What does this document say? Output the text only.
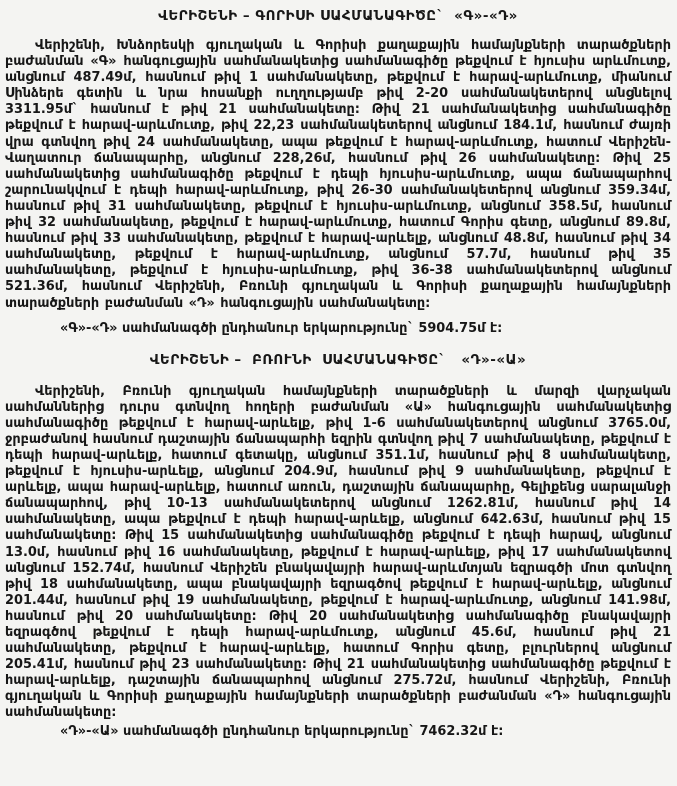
ՎԵՐԻՇԵՆԻ – ԳՈՐԻՍԻ ՍԱՀՄԱՆԱԳԻԾԸ`  «Գ»-«Դ»

Վերիշենի, Խնձորեսկի գյուղական և Գորիսի քաղաքային համայնքների տարածքների բաժանման «Գ» հանգուցային սահմանակետից սահմանագիծը թեքվում է հյուսիս արևմուտք, անցնում 487.49մ, հասնում թիվ 1 սահմանակետը, թեքվում է հարավ-արևմուտք, միանում Սինձերե գետին և նրա հոսանքի ուղղությամբ թիվ 2-20 սահմանակետերով անցնելով 3311.95մ` հասնում է թիվ 21 սահմանակետը: Թիվ 21 սահմանակետից սահմանագիծը թեքվում է հարավ-արևմուտք, թիվ 22,23 սահմանակետերով անցնում 184.1մ, հասնում ժայռի վրա գտնվող թիվ 24 սահմանակետը, ապա թեքվում է հարավ-արևմուտք, հատում Վերիշեն-Վաղատուր ճանապարհը, անցնում 228,26մ, հասնում թիվ 26 սահմանակետը: Թիվ 25 սահմանակետից սահմանագիծը թեքվում է դեպի հյուսիս-արևմուտք, ապա ճանապարհով շարունակվում է դեպի հարավ-արևմուտք, թիվ 26-30 սահմանակետերով անցնում 359.34մ, հասնում թիվ 31 սահմանակետը, թեքվում է հյուսիս-արևմուտք, անցնում 358.5մ, հասնում թիվ 32 սահմանակետը, թեքվում է հարավ-արևմուտք, հատում Գորիս գետը, անցնում 89.8մ, հասնում թիվ 33 սահմանակետը, թեքվում է հարավ-արևելք, անցնում 48.8մ, հասնում թիվ 34 սահմանակետը, թեքվում է հարավ-արևմուտք, անցնում 57.7մ, հասնում թիվ 35 սահմանակետը, թեքվում է հյուսիս-արևմուտք, թիվ 36-38 սահմանակետերով անցնում 521.36մ, հասնում Վերիշենի, Բռունի գյուղական և Գորիսի քաղաքային համայնքների տարածքների բաժանման «Դ» հանգուցային սահմանակետը:

«Գ»-«Դ» սահմանագծի ընդհանուր երկարությունը` 5904.75մ է:

ՎԵՐԻՇԵՆԻ –  ԲՌՈՒՆԻ  ՍԱՀՄԱՆԱԳԻԾԸ`   «Դ»-«Ա»

Վերիշենի, Բռունի գյուղական համայնքների տարածքների և մարզի վարչական սահմաններից դուրս գտնվող հողերի բաժանման «Ա» հանգուցային սահմանակետից սահմանագիծը թեքվում է հարավ-արևելք, թիվ 1-6 սահմանակետերով անցնում 3765.0մ, ջրբաժանով հասնում դաշտային ճանապարհի եզրին գտնվող թիվ 7 սահմանակետը, թեքվում է դեպի հարավ-արևելք, հատում գետակը, անցնում 351.1մ, հասնում թիվ 8 սահմանակետը, թեքվում է հյուսիս-արևելք, անցնում 204.9մ, հասնում թիվ 9 սահմանակետը, թեքվում է արևելք, ապա հարավ-արևելք, հատում առուն, դաշտային ճանապարհը, Գելիքենց սարալանջի ճանապարհով, թիվ 10-13 սահմանակետերով անցնում 1262.81մ, հասնում թիվ 14 սահմանակետը, ապա թեքվում է դեպի հարավ-արևելք, անցնում 642.63մ, հասնում թիվ 15 սահմանակետը: Թիվ 15 սահմանակետից սահմանագիծը թեքվում է դեպի հարավ, անցնում 13.0մ, հասնում թիվ 16 սահմանակետը, թեքվում է հարավ-արևելք, թիվ 17 սահմանակետով անցնում 152.74մ, հասնում Վերիշեն բնակավայրի հարավ-արևմտյան եզրագծի մոտ գտնվող թիվ 18 սահմանակետը, ապա բնակավայրի եզրագծով թեքվում է հարավ-արևելք, անցնում 201.44մ, հասնում թիվ 19 սահմանակետը, թեքվում է հարավ-արևմուտք, անցնում 141.98մ, հասնում թիվ 20 սահմանակետը: Թիվ 20 սահմանակետից սահմանագիծը բնակավայրի եզրագծով թեքվում է դեպի հարավ-արևմուտք, անցնում 45.6մ, հասնում թիվ 21 սահմանակետը, թեքվում է հարավ-արևելք, հատում Գորիս գետը, բլուրներով անցնում 205.41մ, հասնում թիվ 23 սահմանակետը: Թիվ 21 սահմանակետից սահմանագիծը թեքվում է հարավ-արևելք, դաշտային ճանապարհով անցնում 275.72մ, հասնում Վերիշենի, Բռունի գյուղական և Գորիսի քաղաքային համայնքների տարածքների բաժանման «Դ» հանգուցային սահմանակետը:

«Դ»-«Ա» սահմանագծի ընդհանուր երկարությունը` 7462.32մ է:
